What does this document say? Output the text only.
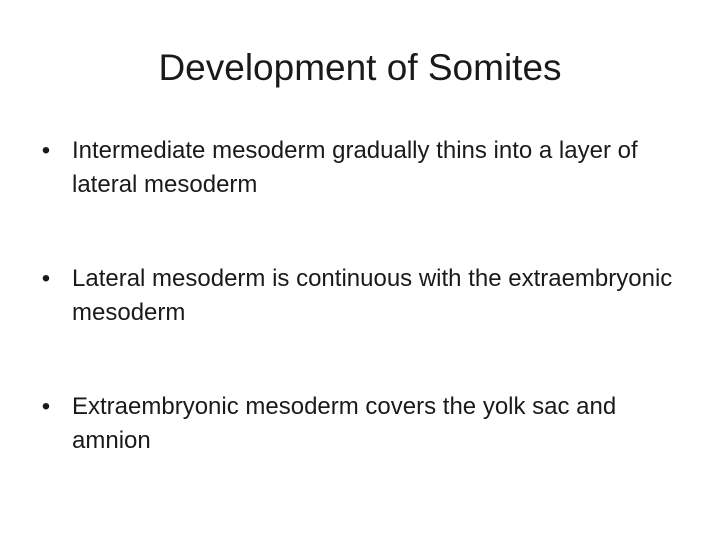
Development of Somites
• Intermediate mesoderm gradually thins into a layer of lateral mesoderm
• Lateral mesoderm is continuous with the extraembryonic mesoderm
• Extraembryonic mesoderm covers the yolk sac and amnion
